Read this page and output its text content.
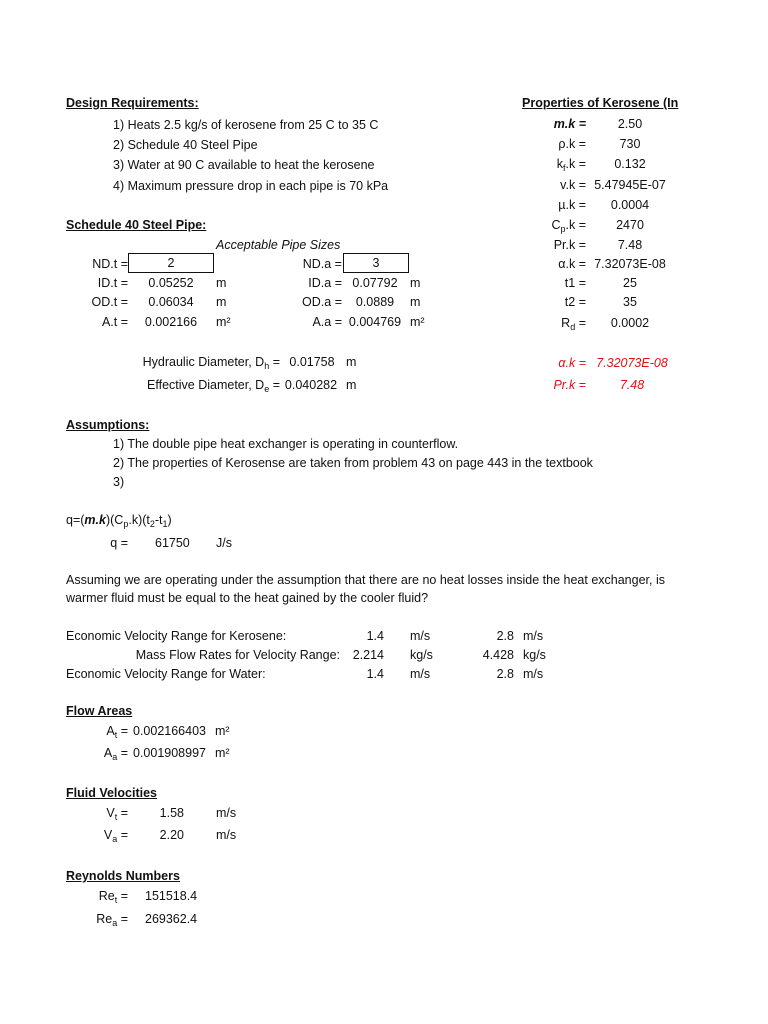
Design Requirements:
1) Heats 2.5 kg/s of kerosene from 25 C to 35 C
2) Schedule 40 Steel Pipe
3) Water at 90 C available to heat the kerosene
4) Maximum pressure drop in each pipe is 70 kPa
Properties of Kerosene (In
m.k =	2.50
ρ.k =	730
$k_f.k$ =	0.132
v.k = 5.47945E-07
µ.k =	0.0004
$C_p.k$ =	2470
Pr.k =	7.48
α.k = 7.32073E-08
t1 =	25
t2 =	35
$R_d$ =	0.0002
α.k = 7.32073E-08
Pr.k =	7.48
Schedule 40 Steel Pipe:
Acceptable Pipe Sizes
ND.t =	2
ID.t =	0.05252	m
OD.t =	0.06034	m
A.t =	0.002166	m²
ND.a =	3
ID.a = 0.07792 m
OD.a =	0.0889	m
A.a = 0.004769 m²
Hydraulic Diameter, $D_h = 0.01758$ m
Effective Diameter, $D_e = 0.040282$ m
Assumptions:
1) The double pipe heat exchanger is operating in counterflow.
2) The properties of Kerosense are taken from problem 43 on page 443 in the textbook
3)
$q=(m.k)(C_p.k)(t_2-t_1)$
q = 61750 J/s
Assuming we are operating under the assumption that there are no heat losses inside the heat exchanger, is
warmer fluid must be equal to the heat gained by the cooler fluid?
Economic Velocity Range for Kerosene:	1.4 m/s	2.8 m/s
Mass Flow Rates for Velocity Range:	2.214 kg/s	4.428 kg/s
Economic Velocity Range for Water:	1.4 m/s	2.8 m/s
Flow Areas
$A_t = 0.002166403$ m²
$A_a = 0.001908997$ m²
Fluid Velocities
$V_t$ =	1.58	m/s
$V_a$ =	2.20	m/s
Reynolds Numbers
$Re_t = 151518.4$
$Re_a = 269362.4$
